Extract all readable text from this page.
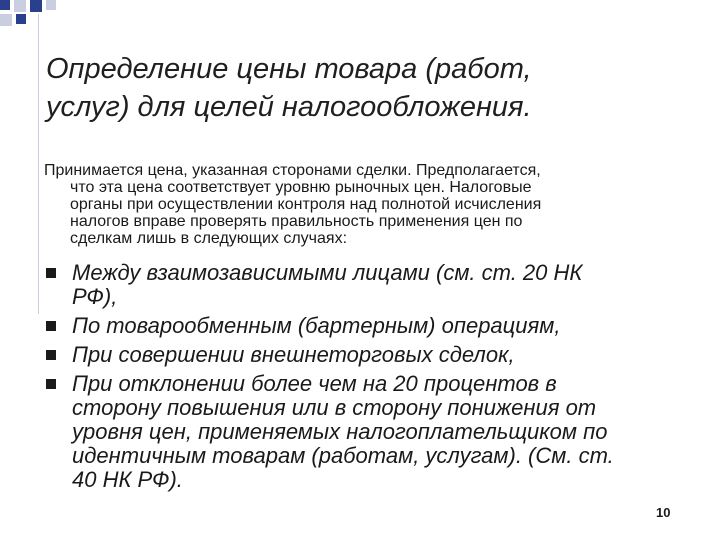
Определение цены товара (работ,
услуг) для целей налогообложения.

Принимается цена, указанная сторонами сделки. Предполагается,
что эта цена соответствует уровню рыночных цен. Налоговые
органы при осуществлении контроля над полнотой исчисления
налогов вправе проверять правильность применения цен по
сделкам лишь в следующих случаях:

Между взаимозависимыми лицами (см. ст. 20 НК
РФ),
По товарообменным (бартерным) операциям,
При совершении внешнеторговых сделок,
При отклонении более чем на 20 процентов в
сторону повышения или в сторону понижения от
уровня цен, применяемых налогоплательщиком по
идентичным товарам (работам, услугам). (См. ст.
40 НК РФ).
10
